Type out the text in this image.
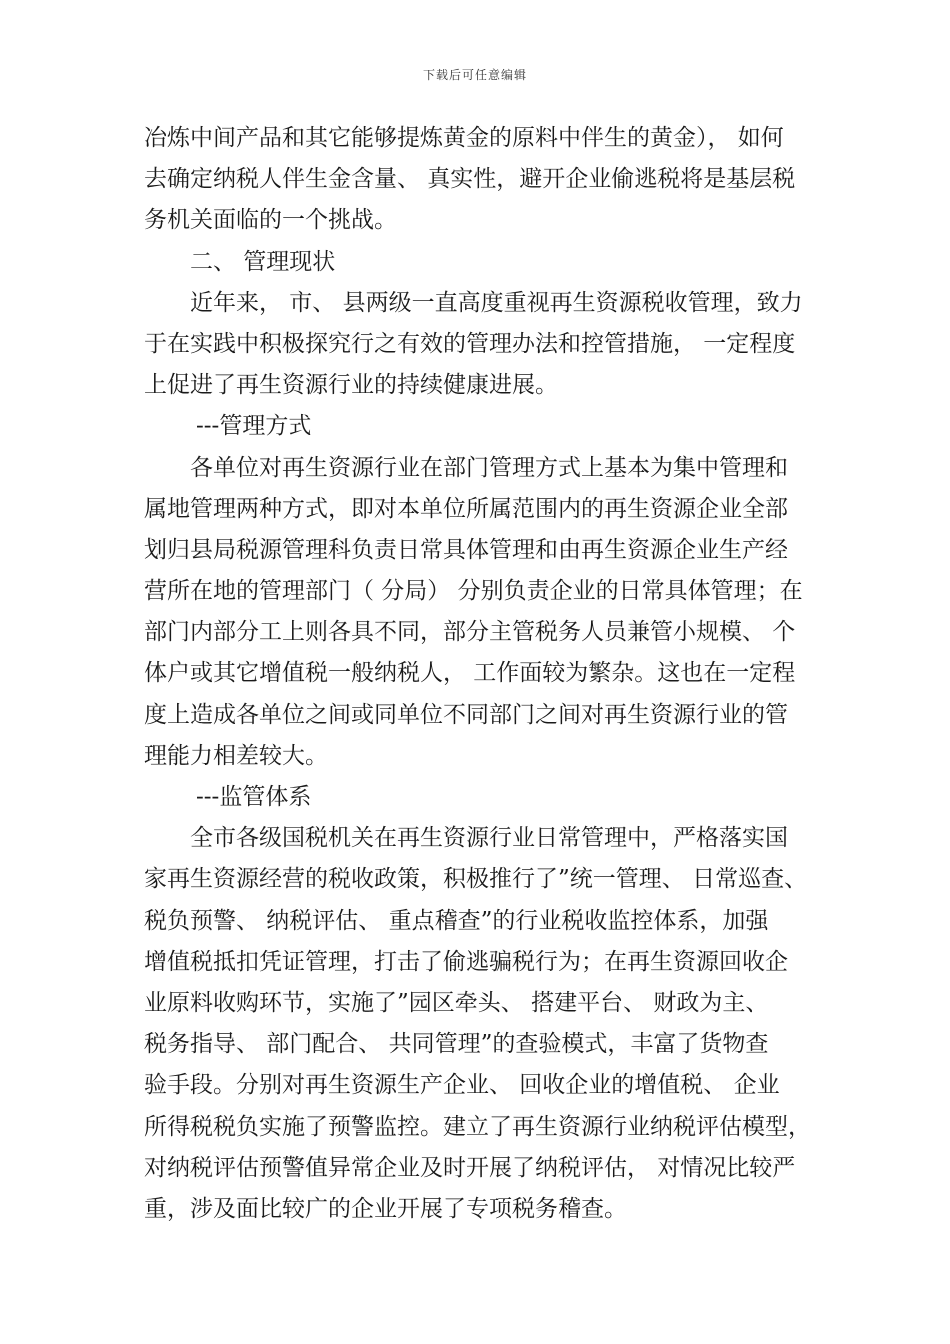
下载后可任意编辑
冶炼中间产品和其它能够提炼黄金的原料中伴生的黄金）， 如何
去确定纳税人伴生金含量、 真实性，避开企业偷逃税将是基层税
务机关面临的一个挑战。
二、 管理现状
近年来， 市、 县两级一直高度重视再生资源税收管理，致力
于在实践中积极探究行之有效的管理办法和控管措施， 一定程度
上促进了再生资源行业的持续健康进展。
---管理方式
各单位对再生资源行业在部门管理方式上基本为集中管理和
属地管理两种方式，即对本单位所属范围内的再生资源企业全部
划归县局税源管理科负责日常具体管理和由再生资源企业生产经
营所在地的管理部门（ 分局） 分别负责企业的日常具体管理；在
部门内部分工上则各具不同，部分主管税务人员兼管小规模、 个
体户或其它增值税一般纳税人， 工作面较为繁杂。这也在一定程
度上造成各单位之间或同单位不同部门之间对再生资源行业的管
理能力相差较大。
---监管体系
全市各级国税机关在再生资源行业日常管理中，严格落实国
家再生资源经营的税收政策，积极推行了”统一管理、 日常巡查、
税负预警、 纳税评估、 重点稽查”的行业税收监控体系，加强
增值税抵扣凭证管理，打击了偷逃骗税行为；在再生资源回收企
业原料收购环节，实施了”园区牵头、 搭建平台、 财政为主、
税务指导、 部门配合、 共同管理”的查验模式，丰富了货物查
验手段。分别对再生资源生产企业、 回收企业的增值税、 企业
所得税税负实施了预警监控。建立了再生资源行业纳税评估模型，
对纳税评估预警值异常企业及时开展了纳税评估， 对情况比较严
重，涉及面比较广的企业开展了专项税务稽查。
